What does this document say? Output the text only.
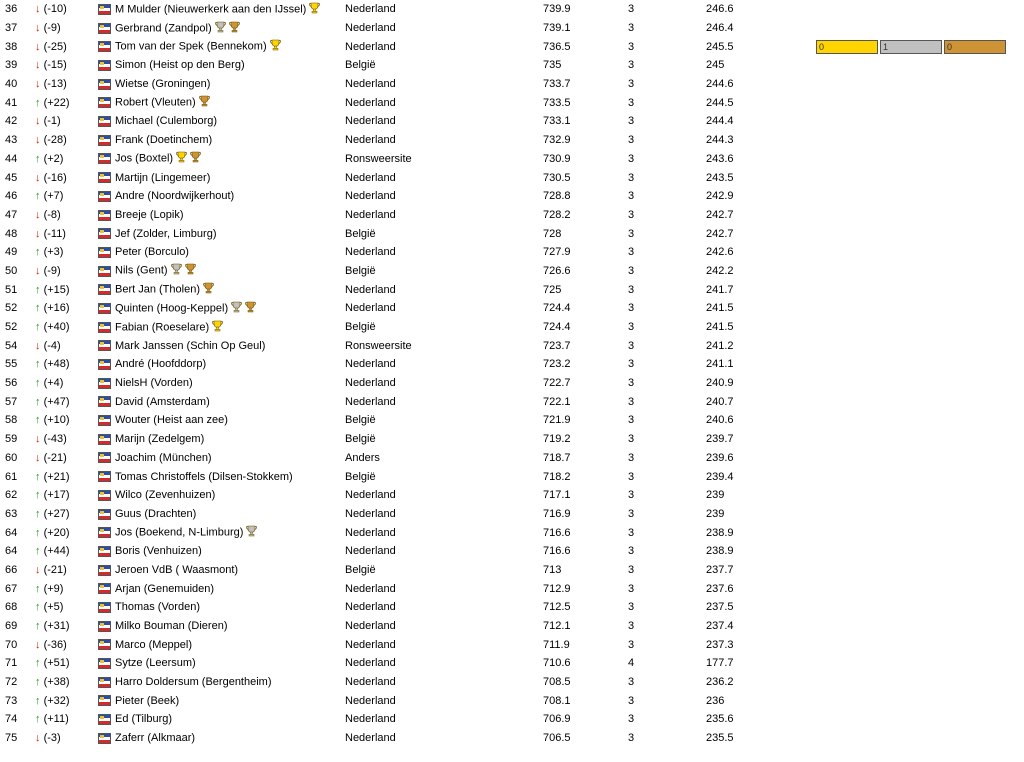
36	↓ (-10)		M Mulder (Nieuwerkerk aan den IJssel)	Nederland	739.9	3	246.6	
37	↓ (-9)		Gerbrand (Zandpol)	Nederland	739.1	3	246.4	
38	↓ (-25)		Tom van der Spek (Bennekom)	Nederland	736.5	3	245.5	0 1 0

39	↓ (-15)		Simon (Heist op den Berg)	België	735	3	245	
40	↓ (-13)		Wietse (Groningen)	Nederland	733.7	3	244.6	
41	↑ (+22)		Robert (Vleuten)	Nederland	733.5	3	244.5	
42	↓ (-1)		Michael (Culemborg)	Nederland	733.1	3	244.4	
43	↓ (-28)		Frank (Doetinchem)	Nederland	732.9	3	244.3	
44	↑ (+2)		Jos (Boxtel)	Ronsweersite	730.9	3	243.6	
45	↓ (-16)		Martijn (Lingemeer)	Nederland	730.5	3	243.5	
46	↑ (+7)		Andre (Noordwijkerhout)	Nederland	728.8	3	242.9	
47	↓ (-8)		Breeje (Lopik)	Nederland	728.2	3	242.7	
48	↓ (-11)		Jef (Zolder, Limburg)	België	728	3	242.7	
49	↑ (+3)		Peter (Borculo)	Nederland	727.9	3	242.6	
50	↓ (-9)		Nils (Gent)	België	726.6	3	242.2	
51	↑ (+15)		Bert Jan (Tholen)	Nederland	725	3	241.7	
52	↑ (+16)		Quinten (Hoog-Keppel)	Nederland	724.4	3	241.5	
52	↑ (+40)		Fabian (Roeselare)	België	724.4	3	241.5	
54	↓ (-4)		Mark Janssen (Schin Op Geul)	Ronsweersite	723.7	3	241.2	
55	↑ (+48)		André (Hoofddorp)	Nederland	723.2	3	241.1	
56	↑ (+4)		NielsH (Vorden)	Nederland	722.7	3	240.9	
57	↑ (+47)		David (Amsterdam)	Nederland	722.1	3	240.7	
58	↑ (+10)		Wouter (Heist aan zee)	België	721.9	3	240.6	
59	↓ (-43)		Marijn (Zedelgem)	België	719.2	3	239.7	
60	↓ (-21)		Joachim (München)	Anders	718.7	3	239.6	
61	↑ (+21)		Tomas Christoffels (Dilsen-Stokkem)	België	718.2	3	239.4	
62	↑ (+17)		Wilco (Zevenhuizen)	Nederland	717.1	3	239	
63	↑ (+27)		Guus (Drachten)	Nederland	716.9	3	239	
64	↑ (+20)		Jos (Boekend, N-Limburg)	Nederland	716.6	3	238.9	
64	↑ (+44)		Boris (Venhuizen)	Nederland	716.6	3	238.9	
66	↓ (-21)		Jeroen VdB ( Waasmont)	België	713	3	237.7	
67	↑ (+9)		Arjan (Genemuiden)	Nederland	712.9	3	237.6	
68	↑ (+5)		Thomas (Vorden)	Nederland	712.5	3	237.5	
69	↑ (+31)		Milko Bouman (Dieren)	Nederland	712.1	3	237.4	
70	↓ (-36)		Marco (Meppel)	Nederland	711.9	3	237.3	
71	↑ (+51)		Sytze (Leersum)	Nederland	710.6	4	177.7	
72	↑ (+38)		Harro Doldersum (Bergentheim)	Nederland	708.5	3	236.2	
73	↑ (+32)		Pieter (Beek)	Nederland	708.1	3	236	
74	↑ (+11)		Ed (Tilburg)	Nederland	706.9	3	235.6	
75	↓ (-3)		Zaferr (Alkmaar)	Nederland	706.5	3	235.5	
